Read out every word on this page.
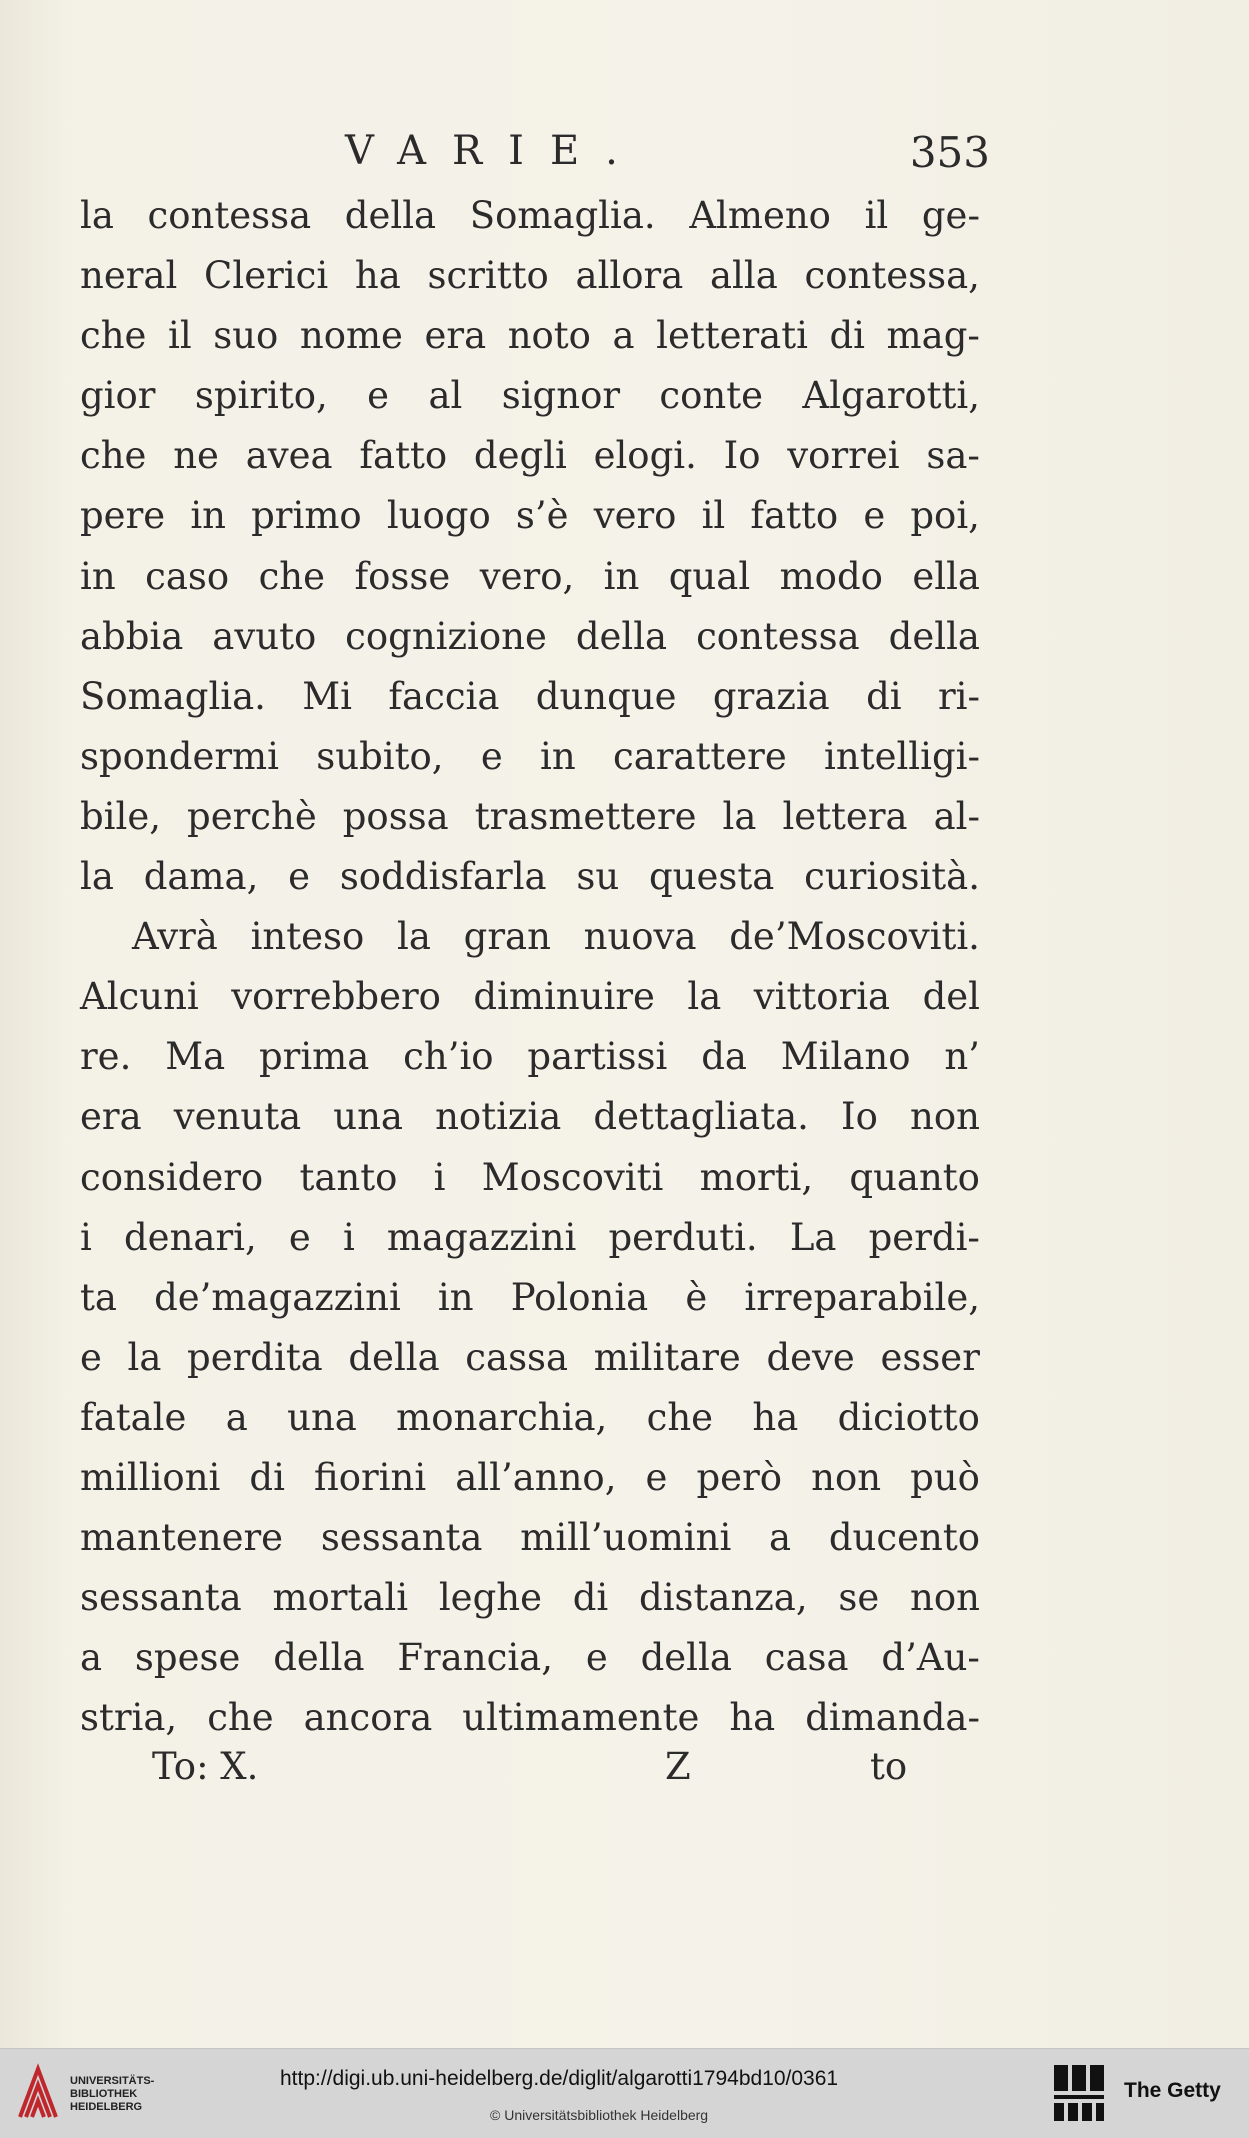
VARIE.	353
la contessa della Somaglia. Almeno il ge-
neral Clerici ha scritto allora alla contessa,
che il suo nome era noto a letterati di mag-
gior spirito, e al signor conte Algarotti,
che ne avea fatto degli elogi. Io vorrei sa-
pere in primo luogo s’è vero il fatto e poi,
in caso che fosse vero, in qual modo ella
abbia avuto cognizione della contessa della
Somaglia. Mi faccia dunque grazia di ri-
spondermi subito, e in carattere intelligi-
bile, perchè possa trasmettere la lettera al-
la dama, e soddisfarla su questa curiosità.
Avrà inteso la gran nuova de’Moscoviti.
Alcuni vorrebbero diminuire la vittoria del
re. Ma prima ch’io partissi da Milano n’
era venuta una notizia dettagliata. Io non
considero tanto i Moscoviti morti, quanto
i denari, e i magazzini perduti. La perdi-
ta de’magazzini in Polonia è irreparabile,
e la perdita della cassa militare deve esser
fatale a una monarchia, che ha diciotto
millioni di fiorini all’anno, e però non può
mantenere sessanta mill’uomini a ducento
sessanta mortali leghe di distanza, se non
a spese della Francia, e della casa d’Au-
stria, che ancora ultimamente ha dimanda-
To: X.	Z	to
UNIVERSITÄTS-
BIBLIOTHEK
HEIDELBERG
http://digi.ub.uni-heidelberg.de/diglit/algarotti1794bd10/0361
© Universitätsbibliothek Heidelberg
The Getty
